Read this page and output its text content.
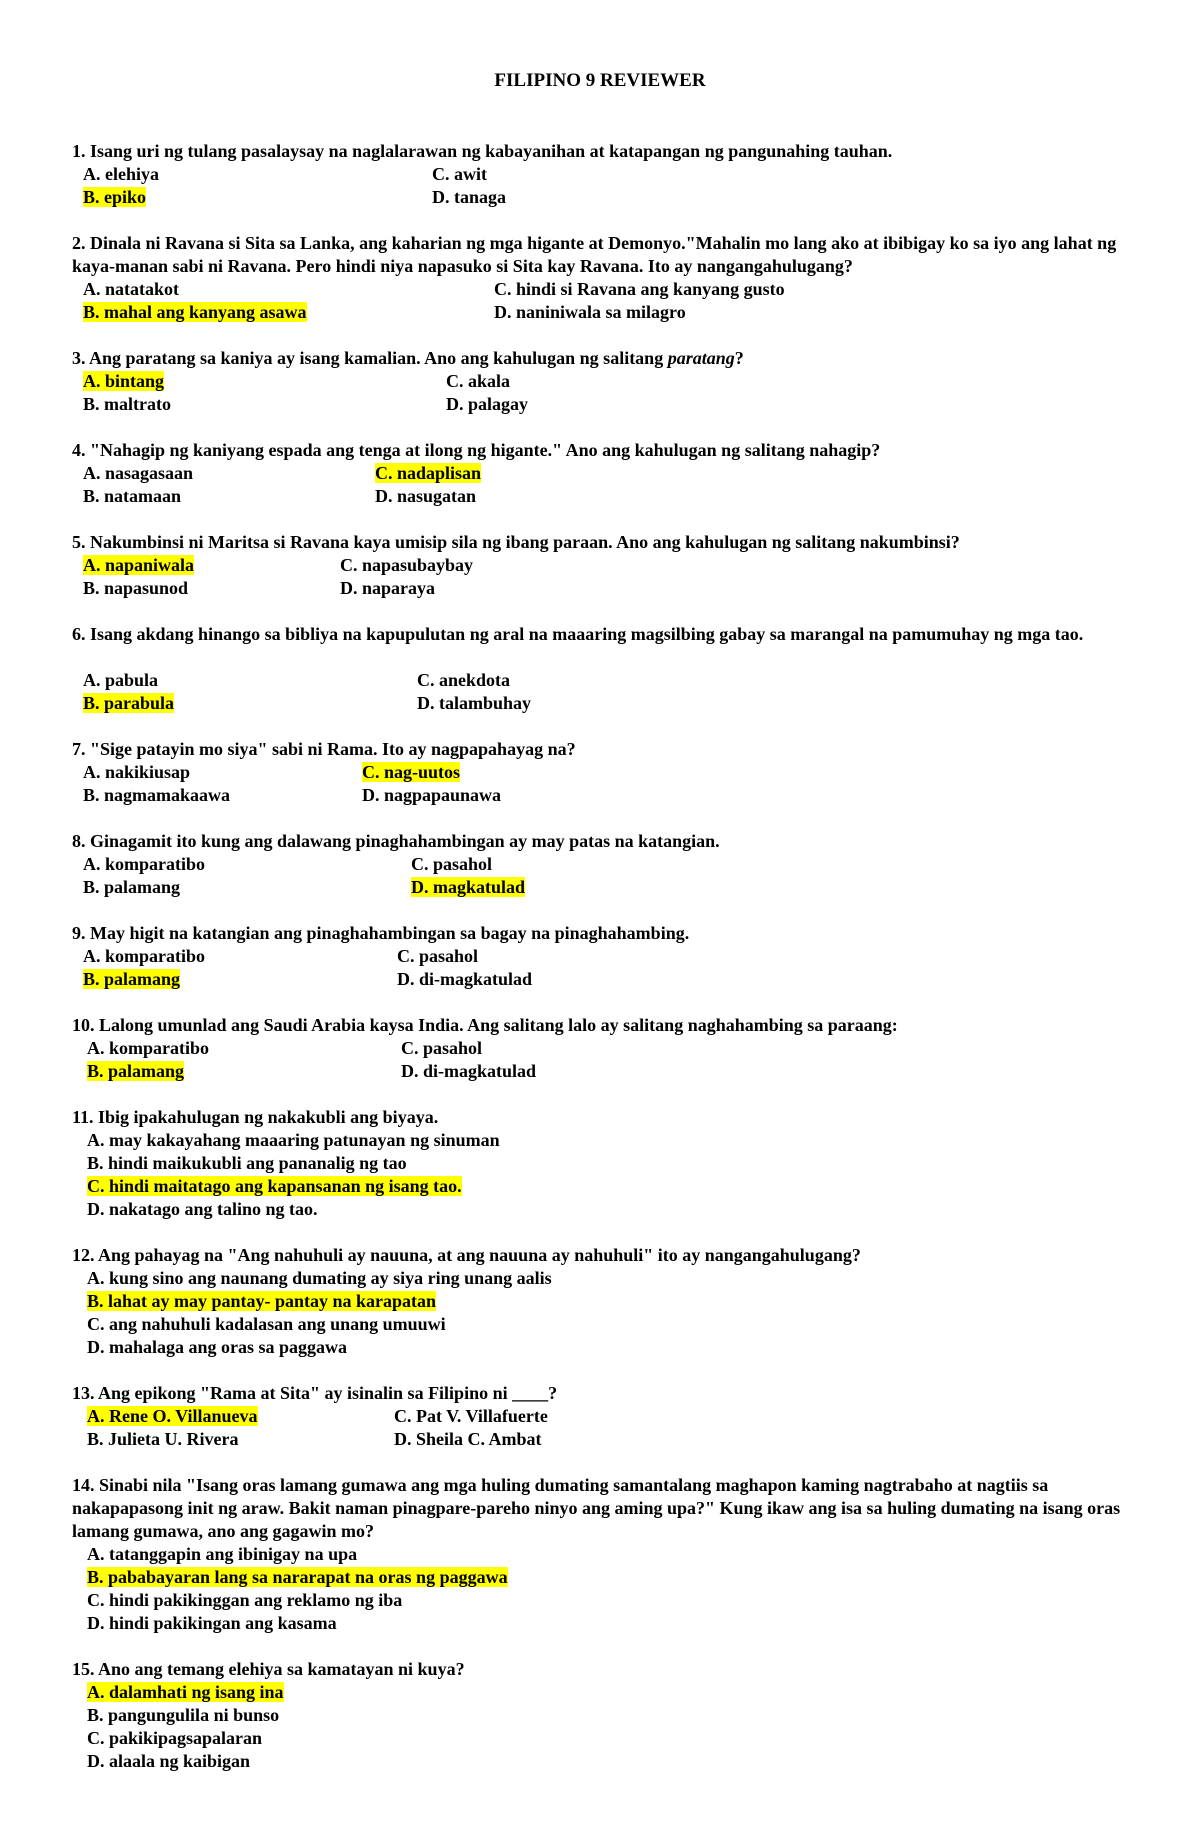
FILIPINO 9 REVIEWER
1. Isang uri ng tulang pasalaysay na naglalarawan ng kabayanihan at katapangan ng pangunahing tauhan.
A. elehiya	C. awit
B. epiko	D. tanaga
2. Dinala ni Ravana si Sita sa Lanka, ang kaharian ng mga higante at Demonyo."Mahalin mo lang ako at ibibigay ko sa iyo ang lahat ng kaya-manan sabi ni Ravana. Pero hindi niya napasuko si Sita kay Ravana. Ito ay nangangahulugang?
A. natatakot	C. hindi si Ravana ang kanyang gusto
B. mahal ang kanyang asawa	D. naniniwala sa milagro
3. Ang paratang sa kaniya ay isang kamalian. Ano ang kahulugan ng salitang paratang?
A. bintang	C. akala
B. maltrato	D. palagay
4. "Nahagip ng kaniyang espada ang tenga at ilong ng higante." Ano ang kahulugan ng salitang nahagip?
A. nasagasaan	C. nadaplisan
B. natamaan	D. nasugatan
5. Nakumbinsi ni Maritsa si Ravana kaya umisip sila ng ibang paraan. Ano ang kahulugan ng salitang nakumbinsi?
A. napaniwala	C. napasubaybay
B. napasunod	D. naparaya
6. Isang akdang hinango sa bibliya na kapupulutan ng aral na maaaring magsilbing gabay sa marangal na pamumuhay ng mga tao.
A. pabula	C. anekdota
B. parabula	D. talambuhay
7. "Sige patayin mo siya" sabi ni Rama. Ito ay nagpapahayag na?
A. nakikiusap	C. nag-uutos
B. nagmamakaawa	D. nagpapaunawa
8. Ginagamit ito kung ang dalawang pinaghahambingan ay may patas na katangian.
A. komparatibo	C. pasahol
B. palamang	D. magkatulad
9. May higit na katangian ang pinaghahambingan sa bagay na pinaghahambing.
A. komparatibo	C. pasahol
B. palamang	D. di-magkatulad
10. Lalong umunlad ang Saudi Arabia kaysa India. Ang salitang lalo ay salitang naghahambing sa paraang:
A. komparatibo	C. pasahol
B. palamang	D. di-magkatulad
11. Ibig ipakahulugan ng nakakubli ang biyaya.
A. may kakayahang maaaring patunayan ng sinuman
B. hindi maikukubli ang pananalig ng tao
C. hindi maitatago ang kapansanan ng isang tao.
D. nakatago ang talino ng tao.
12. Ang pahayag na "Ang nahuhuli ay nauuna, at ang nauuna ay nahuhuli" ito ay nangangahulugang?
A. kung sino ang naunang dumating ay siya ring unang aalis
B. lahat ay may pantay- pantay na karapatan
C. ang nahuhuli kadalasan ang unang umuuwi
D. mahalaga ang oras sa paggawa
13. Ang epikong "Rama at Sita" ay isinalin sa Filipino ni ____?
A. Rene O. Villanueva	C. Pat V. Villafuerte
B. Julieta U. Rivera	D. Sheila C. Ambat
14. Sinabi nila "Isang oras lamang gumawa ang mga huling dumating samantalang maghapon kaming nagtrabaho at nagtiis sa nakapapasong init ng araw. Bakit naman pinagpare-pareho ninyo ang aming upa?" Kung ikaw ang isa sa huling dumating na isang oras lamang gumawa, ano ang gagawin mo?
A. tatanggapin ang ibinigay na upa
B. pababayaran lang sa nararapat na oras ng paggawa
C. hindi pakikinggan ang reklamo ng iba
D. hindi pakikingan ang kasama
15. Ano ang temang elehiya sa kamatayan ni kuya?
A. dalamhati ng isang ina
B. pangungulila ni bunso
C. pakikipagsapalaran
D. alaala ng kaibigan
